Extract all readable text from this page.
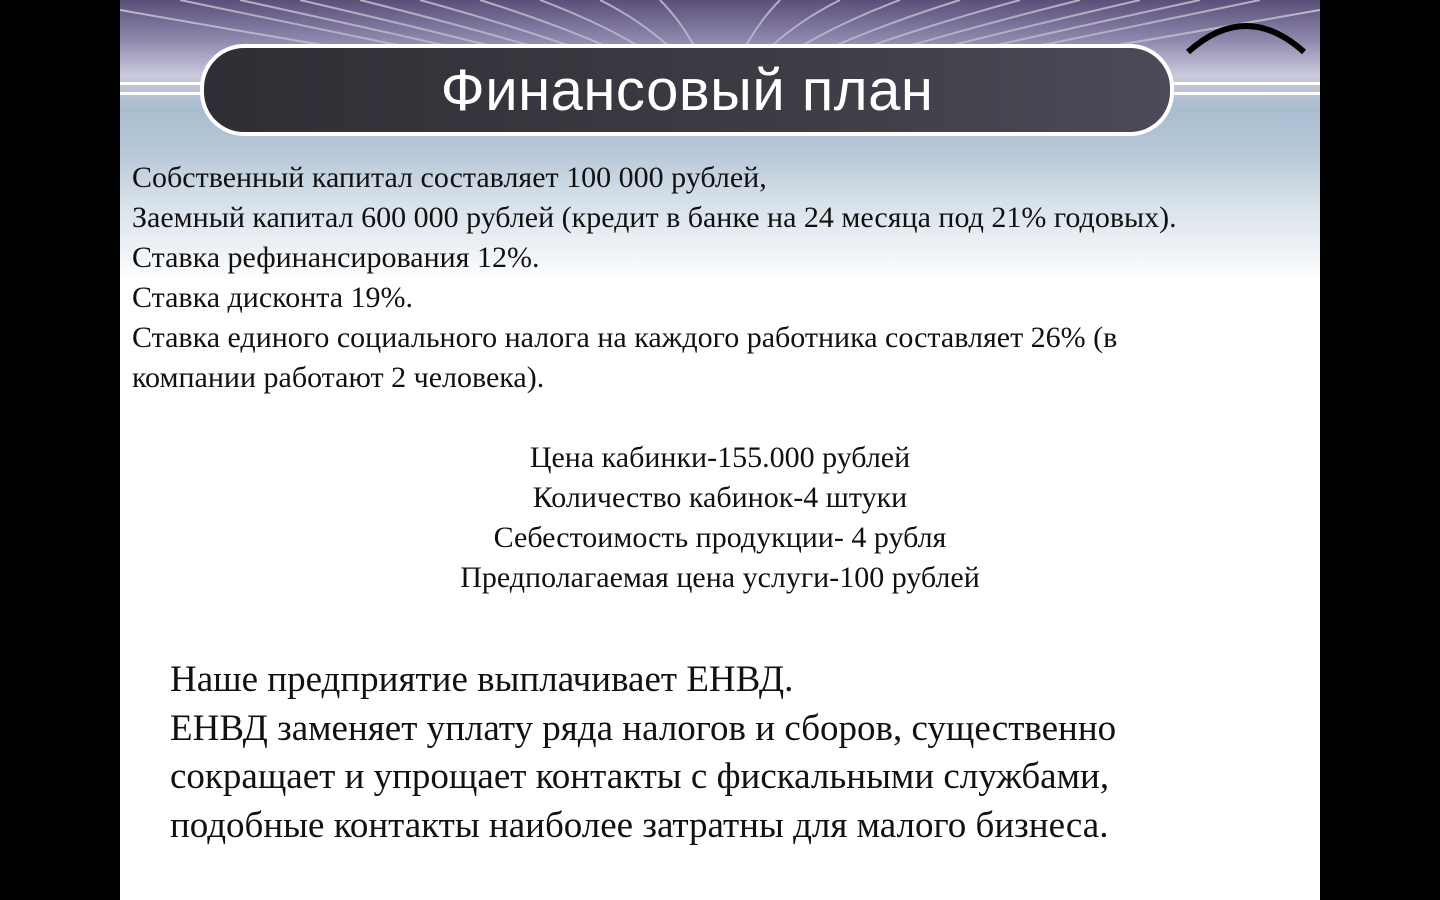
Финансовый план
Собственный капитал составляет 100 000 рублей,
Заемный капитал 600 000 рублей (кредит в банке на 24 месяца под 21% годовых).
Ставка рефинансирования 12%.
Ставка дисконта 19%.
Ставка единого социального налога на каждого работника составляет 26% (в
компании работают 2 человека).
Цена кабинки-155.000 рублей
Количество кабинок-4 штуки
Себестоимость продукции- 4 рубля
Предполагаемая цена услуги-100 рублей
Наше предприятие выплачивает ЕНВД.
ЕНВД заменяет уплату ряда налогов и сборов, существенно
сокращает и упрощает контакты с фискальными службами,
подобные контакты наиболее затратны для малого бизнеса.
